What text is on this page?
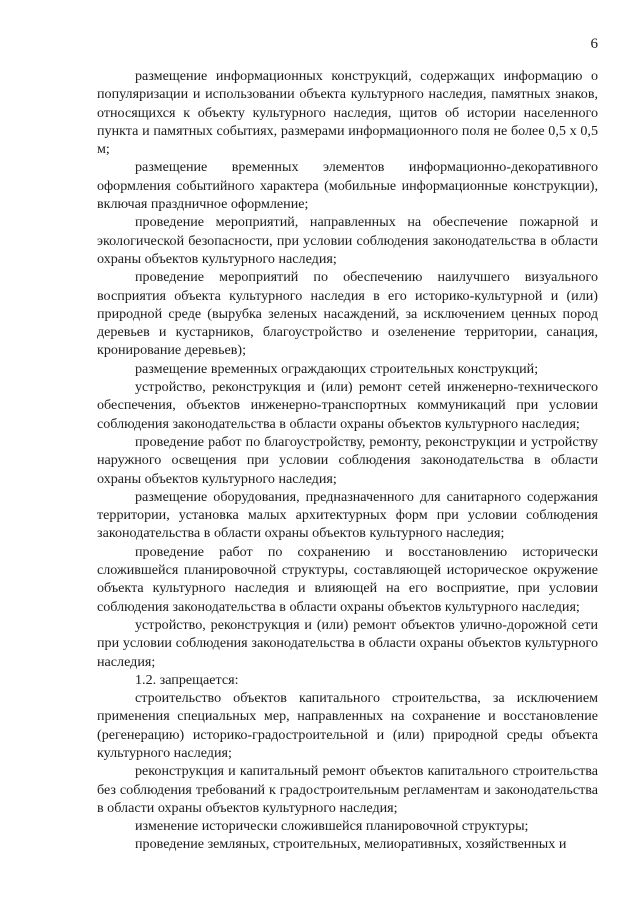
6

размещение информационных конструкций, содержащих информацию о популяризации и использовании объекта культурного наследия, памятных знаков, относящихся к объекту культурного наследия, щитов об истории населенного пункта и памятных событиях, размерами информационного поля не более 0,5 х 0,5 м;

размещение временных элементов информационно-декоративного оформления событийного характера (мобильные информационные конструкции), включая праздничное оформление;

проведение мероприятий, направленных на обеспечение пожарной и экологической безопасности, при условии соблюдения законодательства в области охраны объектов культурного наследия;

проведение мероприятий по обеспечению наилучшего визуального восприятия объекта культурного наследия в его историко-культурной и (или) природной среде (вырубка зеленых насаждений, за исключением ценных пород деревьев и кустарников, благоустройство и озеленение территории, санация, кронирование деревьев);

размещение временных ограждающих строительных конструкций;

устройство, реконструкция и (или) ремонт сетей инженерно-технического обеспечения, объектов инженерно-транспортных коммуникаций при условии соблюдения законодательства в области охраны объектов культурного наследия;

проведение работ по благоустройству, ремонту, реконструкции и устройству наружного освещения при условии соблюдения законодательства в области охраны объектов культурного наследия;

размещение оборудования, предназначенного для санитарного содержания территории, установка малых архитектурных форм при условии соблюдения законодательства в области охраны объектов культурного наследия;

проведение работ по сохранению и восстановлению исторически сложившейся планировочной структуры, составляющей историческое окружение объекта культурного наследия и влияющей на его восприятие, при условии соблюдения законодательства в области охраны объектов культурного наследия;

устройство, реконструкция и (или) ремонт объектов улично-дорожной сети при условии соблюдения законодательства в области охраны объектов культурного наследия;

1.2. запрещается:

строительство объектов капитального строительства, за исключением применения специальных мер, направленных на сохранение и восстановление (регенерацию) историко-градостроительной и (или) природной среды объекта культурного наследия;

реконструкция и капитальный ремонт объектов капитального строительства без соблюдения требований к градостроительным регламентам и законодательства в области охраны объектов культурного наследия;

изменение исторически сложившейся планировочной структуры;

проведение земляных, строительных, мелиоративных, хозяйственных и
